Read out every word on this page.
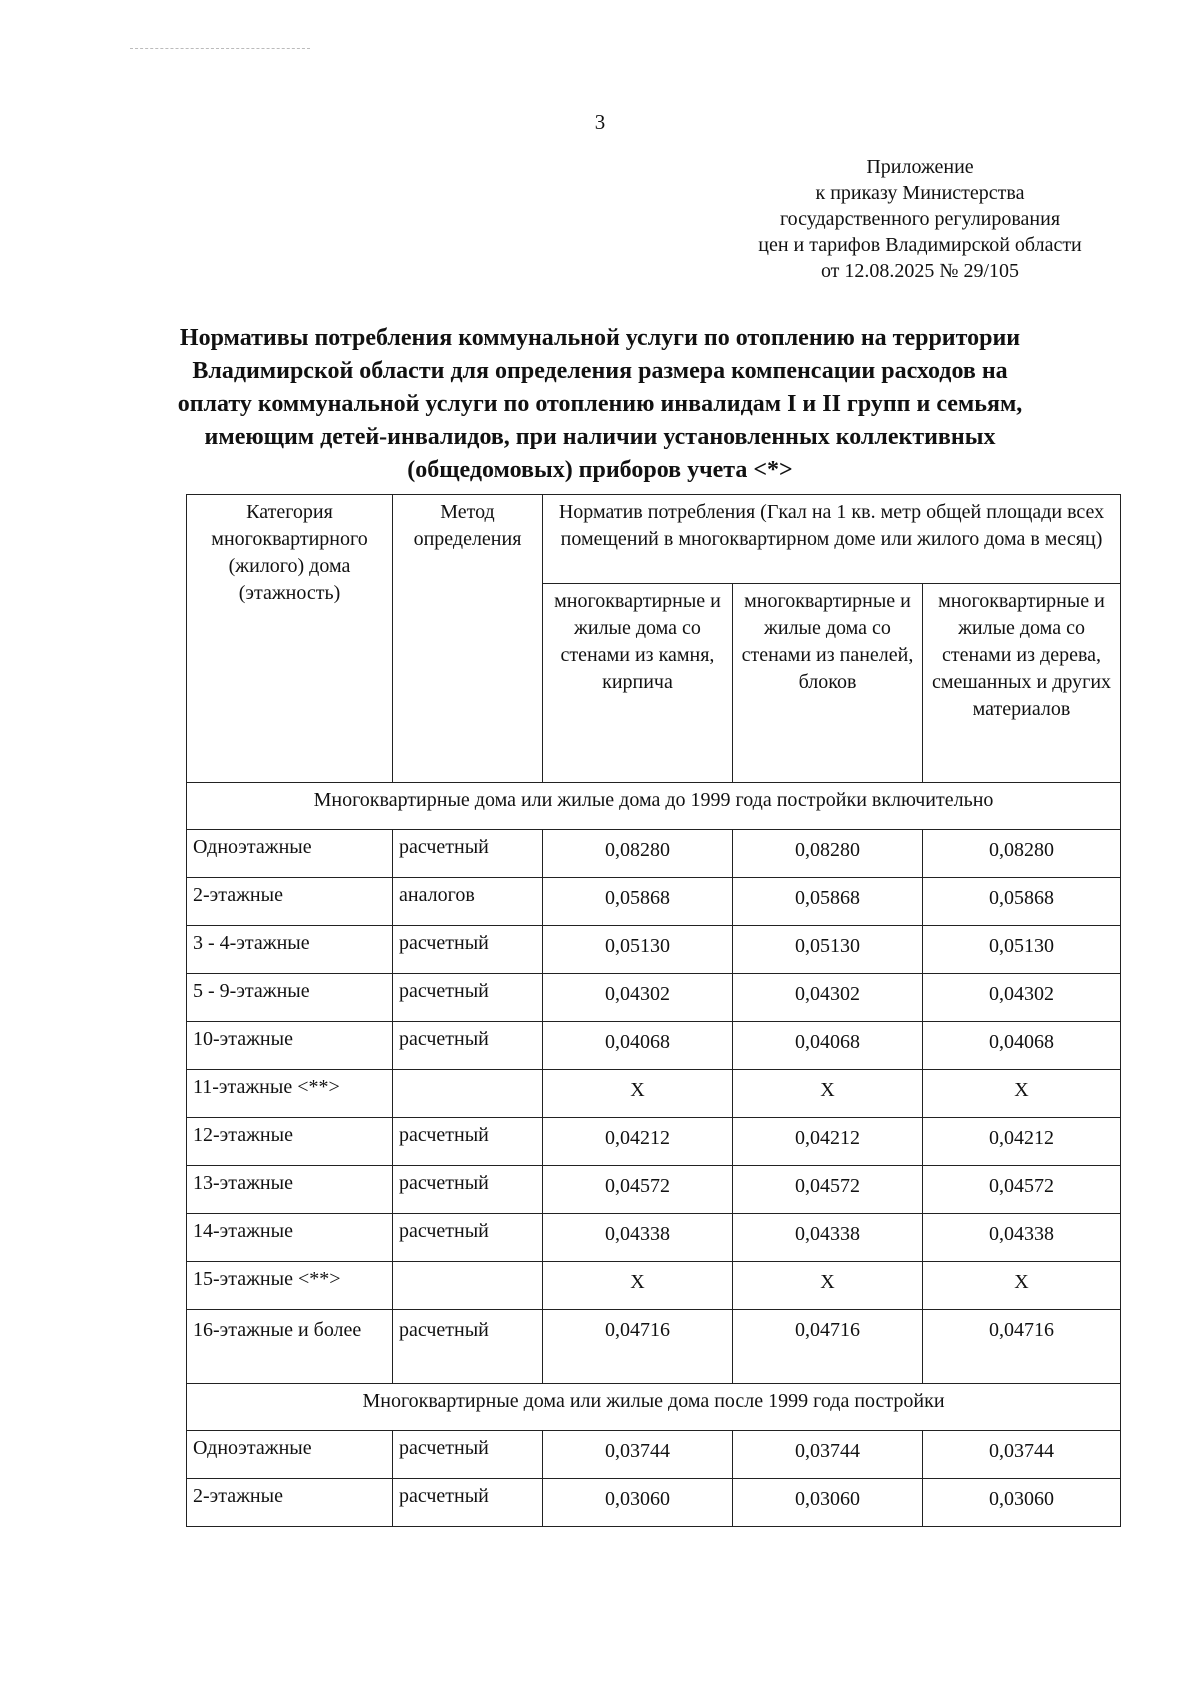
3
Приложение
к приказу Министерства
государственного регулирования
цен и тарифов Владимирской области
от 12.08.2025 № 29/105
Нормативы потребления коммунальной услуги по отоплению на территории Владимирской области для определения размера компенсации расходов на оплату коммунальной услуги по отоплению инвалидам I и II групп и семьям, имеющим детей-инвалидов, при наличии установленных коллективных (общедомовых) приборов учета <*>
Категория многоквартирного (жилого) дома (этажность)	Метод определения	Норматив потребления (Гкал на 1 кв. метр общей площади всех помещений в многоквартирном доме или жилого дома в месяц)		
		многоквартирные и жилые дома со стенами из камня, кирпича	многоквартирные и жилые дома со стенами из панелей, блоков	многоквартирные и жилые дома со стенами из дерева, смешанных и других материалов
Многоквартирные дома или жилые дома до 1999 года постройки включительно				
Одноэтажные	расчетный	0,08280	0,08280	0,08280
2-этажные	аналогов	0,05868	0,05868	0,05868
3 - 4-этажные	расчетный	0,05130	0,05130	0,05130
5 - 9-этажные	расчетный	0,04302	0,04302	0,04302
10-этажные	расчетный	0,04068	0,04068	0,04068
11-этажные <**>		X	X	X
12-этажные	расчетный	0,04212	0,04212	0,04212
13-этажные	расчетный	0,04572	0,04572	0,04572
14-этажные	расчетный	0,04338	0,04338	0,04338
15-этажные <**>		X	X	X
16-этажные и более	расчетный	0,04716	0,04716	0,04716
Многоквартирные дома или жилые дома после 1999 года постройки				
Одноэтажные	расчетный	0,03744	0,03744	0,03744
2-этажные	расчетный	0,03060	0,03060	0,03060
